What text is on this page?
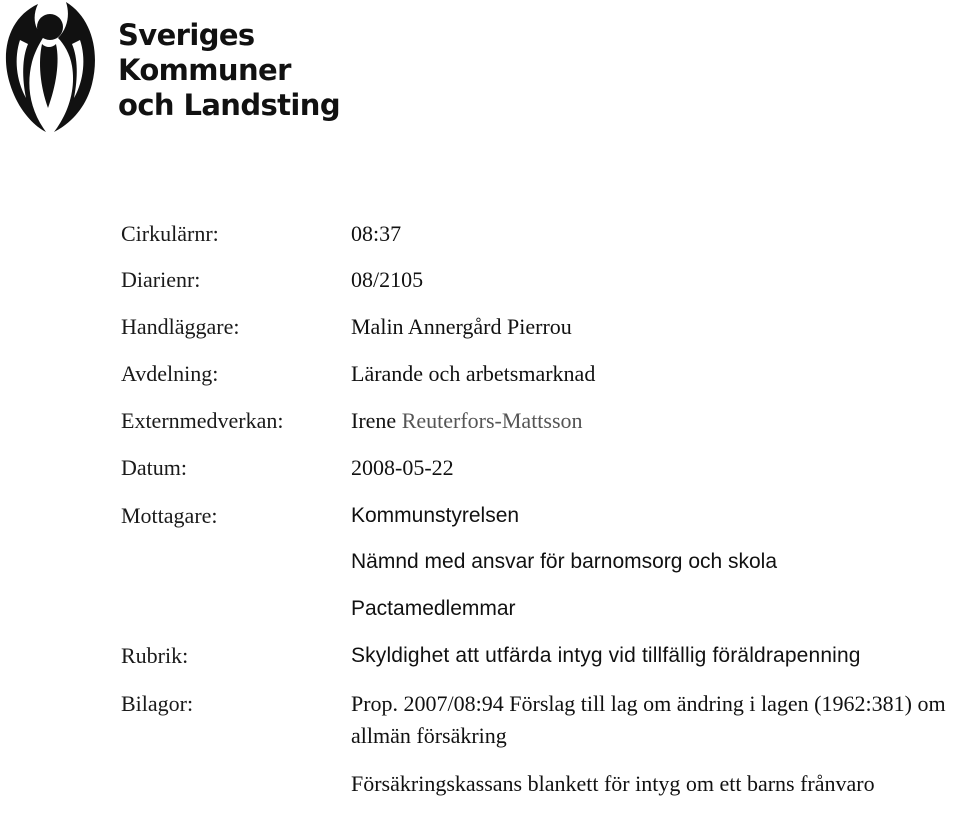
Sveriges
Kommuner
och Landsting
Cirkulärnr:	08:37
Diarienr:	08/2105
Handläggare:	Malin Annergård Pierrou
Avdelning:	Lärande och arbetsmarknad
Externmedverkan:	Irene Reuterfors-Mattsson
Datum:	2008-05-22
Mottagare:	Kommunstyrelsen
Nämnd med ansvar för barnomsorg och skola
Pactamedlemmar
Rubrik:	Skyldighet att utfärda intyg vid tillfällig föräldrapenning
Bilagor:	Prop. 2007/08:94 Förslag till lag om ändring i lagen (1962:381) om allmän försäkring
Försäkringskassans blankett för intyg om ett barns frånvaro
